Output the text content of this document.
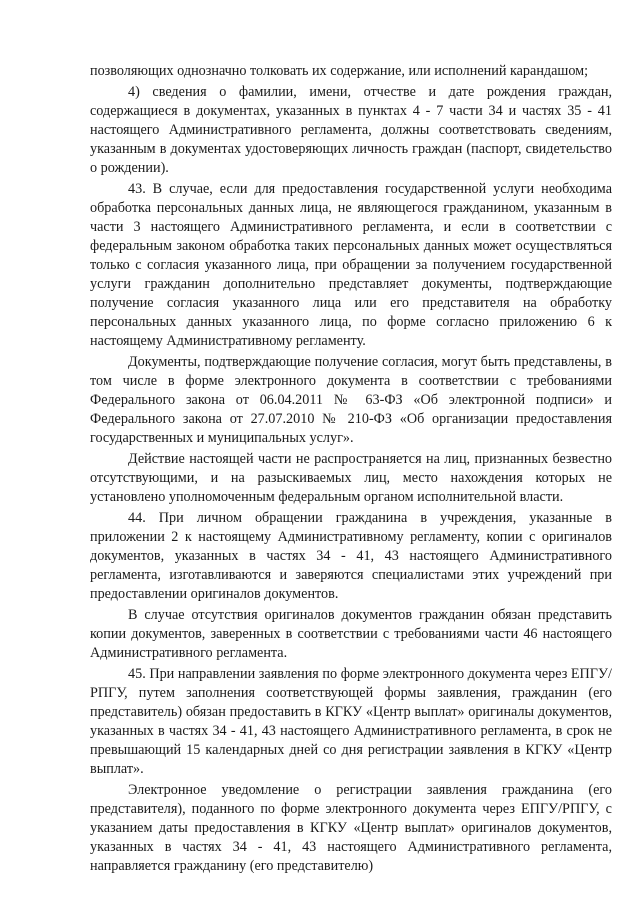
позволяющих однозначно толковать их содержание, или исполнений карандашом;

4) сведения о фамилии, имени, отчестве и дате рождения граждан, содержащиеся в документах, указанных в пунктах 4 - 7 части 34 и частях 35 - 41 настоящего Административного регламента, должны соответствовать сведениям, указанным в документах удостоверяющих личность граждан (паспорт, свидетельство о рождении).

43. В случае, если для предоставления государственной услуги необходима обработка персональных данных лица, не являющегося гражданином, указанным в части 3 настоящего Административного регламента, и если в соответствии с федеральным законом обработка таких персональных данных может осуществляться только с согласия указанного лица, при обращении за получением государственной услуги гражданин дополнительно представляет документы, подтверждающие получение согласия указанного лица или его представителя на обработку персональных данных указанного лица, по форме согласно приложению 6 к настоящему Административному регламенту.

Документы, подтверждающие получение согласия, могут быть представлены, в том числе в форме электронного документа в соответствии с требованиями Федерального закона от 06.04.2011 № 63-ФЗ «Об электронной подписи» и Федерального закона от 27.07.2010 № 210-ФЗ «Об организации предоставления государственных и муниципальных услуг».

Действие настоящей части не распространяется на лиц, признанных безвестно отсутствующими, и на разыскиваемых лиц, место нахождения которых не установлено уполномоченным федеральным органом исполнительной власти.

44. При личном обращении гражданина в учреждения, указанные в приложении 2 к настоящему Административному регламенту, копии с оригиналов документов, указанных в частях 34 - 41, 43 настоящего Административного регламента, изготавливаются и заверяются специалистами этих учреждений при предоставлении оригиналов документов.

В случае отсутствия оригиналов документов гражданин обязан представить копии документов, заверенных в соответствии с требованиями части 46 настоящего Административного регламента.

45. При направлении заявления по форме электронного документа через ЕПГУ/РПГУ, путем заполнения соответствующей формы заявления, гражданин (его представитель) обязан предоставить в КГКУ «Центр выплат» оригиналы документов, указанных в частях 34 - 41, 43 настоящего Административного регламента, в срок не превышающий 15 календарных дней со дня регистрации заявления в КГКУ «Центр выплат».

Электронное уведомление о регистрации заявления гражданина (его представителя), поданного по форме электронного документа через ЕПГУ/РПГУ, с указанием даты предоставления в КГКУ «Центр выплат» оригиналов документов, указанных в частях 34 - 41, 43 настоящего Административного регламента, направляется гражданину (его представителю)
